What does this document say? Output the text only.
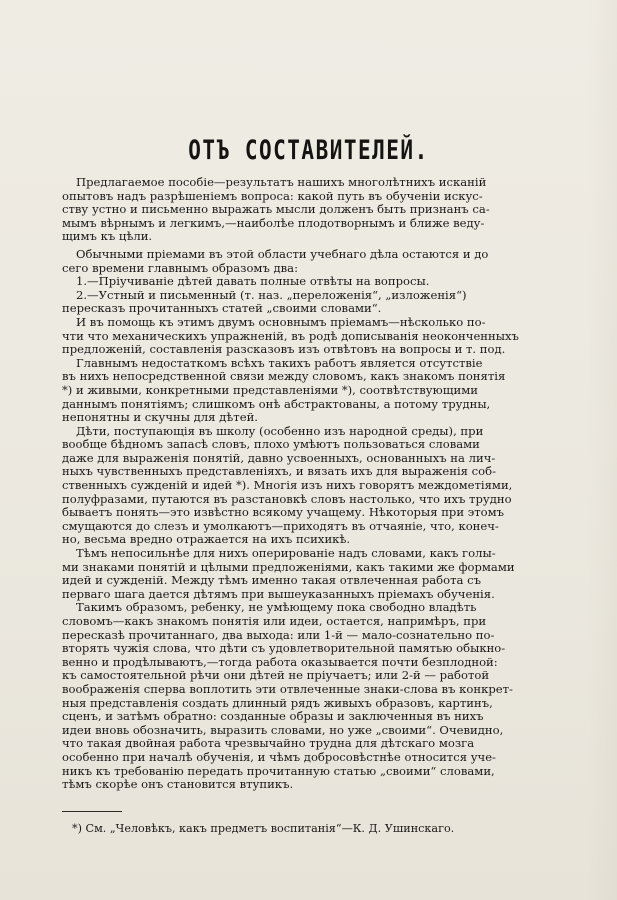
ОТЪ СОСТАВИТЕЛЕЙ.
Предлагаемое пособіе—результатъ нашихъ многолѣтнихъ исканій
опытовъ надъ разрѣшеніемъ вопроса: какой путь въ обученіи искус-
ству устно и письменно выражать мысли долженъ быть признанъ са-
мымъ вѣрнымъ и легкимъ,—наиболѣе плодотворнымъ и ближе веду-
щимъ къ цѣли.
Обычными пріемами въ этой области учебнаго дѣла остаются и до
сего времени главнымъ образомъ два:
1.—Пріучиваніе дѣтей давать полные отвѣты на вопросы.
2.—Устный и письменный (т. наз. „переложенія“, „изложенія“)
пересказъ прочитанныхъ статей „своими словами“.
И въ помощь къ этимъ двумъ основнымъ пріемамъ—нѣсколько по-
чти что механическихъ упражненій, въ родѣ дописыванія неоконченныхъ
предложеній, составленія разсказовъ изъ отвѣтовъ на вопросы и т. под.
Главнымъ недостаткомъ всѣхъ такихъ работъ является отсутствіе
въ нихъ непосредственной связи между словомъ, какъ знакомъ понятія
*) и живыми, конкретными представленіями *), соотвѣтствующими
даннымъ понятіямъ; слишкомъ онѣ абстрактованы, а потому трудны,
непонятны и скучны для дѣтей.
Дѣти, поступающія въ школу (особенно изъ народной среды), при
вообще бѣдномъ запасѣ словъ, плохо умѣютъ пользоваться словами
даже для выраженія понятій, давно усвоенныхъ, основанныхъ на лич-
ныхъ чувственныхъ представленіяхъ, и вязать ихъ для выраженія соб-
ственныхъ сужденій и идей *). Многія изъ нихъ говорятъ междометіями,
полуфразами, путаются въ разстановкѣ словъ настолько, что ихъ трудно
бываетъ понять—это извѣстно всякому учащему. Нѣкоторыя при этомъ
смущаются до слезъ и умолкаютъ—приходятъ въ отчаяніе, что, конеч-
но, весьма вредно отражается на ихъ психикѣ.
Тѣмъ непосильнѣе для нихъ оперированіе надъ словами, какъ голы-
ми знаками понятій и цѣлыми предложеніями, какъ такими же формами
идей и сужденій. Между тѣмъ именно такая отвлеченная работа съ
перваго шага дается дѣтямъ при вышеуказанныхъ пріемахъ обученія.
Такимъ образомъ, ребенку, не умѣющему пока свободно владѣть
словомъ—какъ знакомъ понятія или идеи, остается, напримѣръ, при
пересказѣ прочитаннаго, два выхода: или 1-й — мало-сознательно по-
вторять чужія слова, что дѣти съ удовлетворительной памятью обыкно-
венно и продѣлываютъ,—тогда работа оказывается почти безплодной:
къ самостоятельной рѣчи они дѣтей не пріучаетъ; или 2-й — работой
воображенія сперва воплотить эти отвлеченные знаки-слова въ конкрет-
ныя представленія создать длинный рядъ живыхъ образовъ, картинъ,
сценъ, и затѣмъ обратно: созданные образы и заключенныя въ нихъ
идеи вновь обозначить, выразить словами, но уже „своими“. Очевидно,
что такая двойная работа чрезвычайно трудна для дѣтскаго мозга
особенно при началѣ обученія, и чѣмъ добросовѣстнѣе относится уче-
никъ къ требованію передать прочитанную статью „своими“ словами,
тѣмъ скорѣе онъ становится втупикъ.
*) См. „Человѣкъ, какъ предметъ воспитанія“—К. Д. Ушинскаго.
